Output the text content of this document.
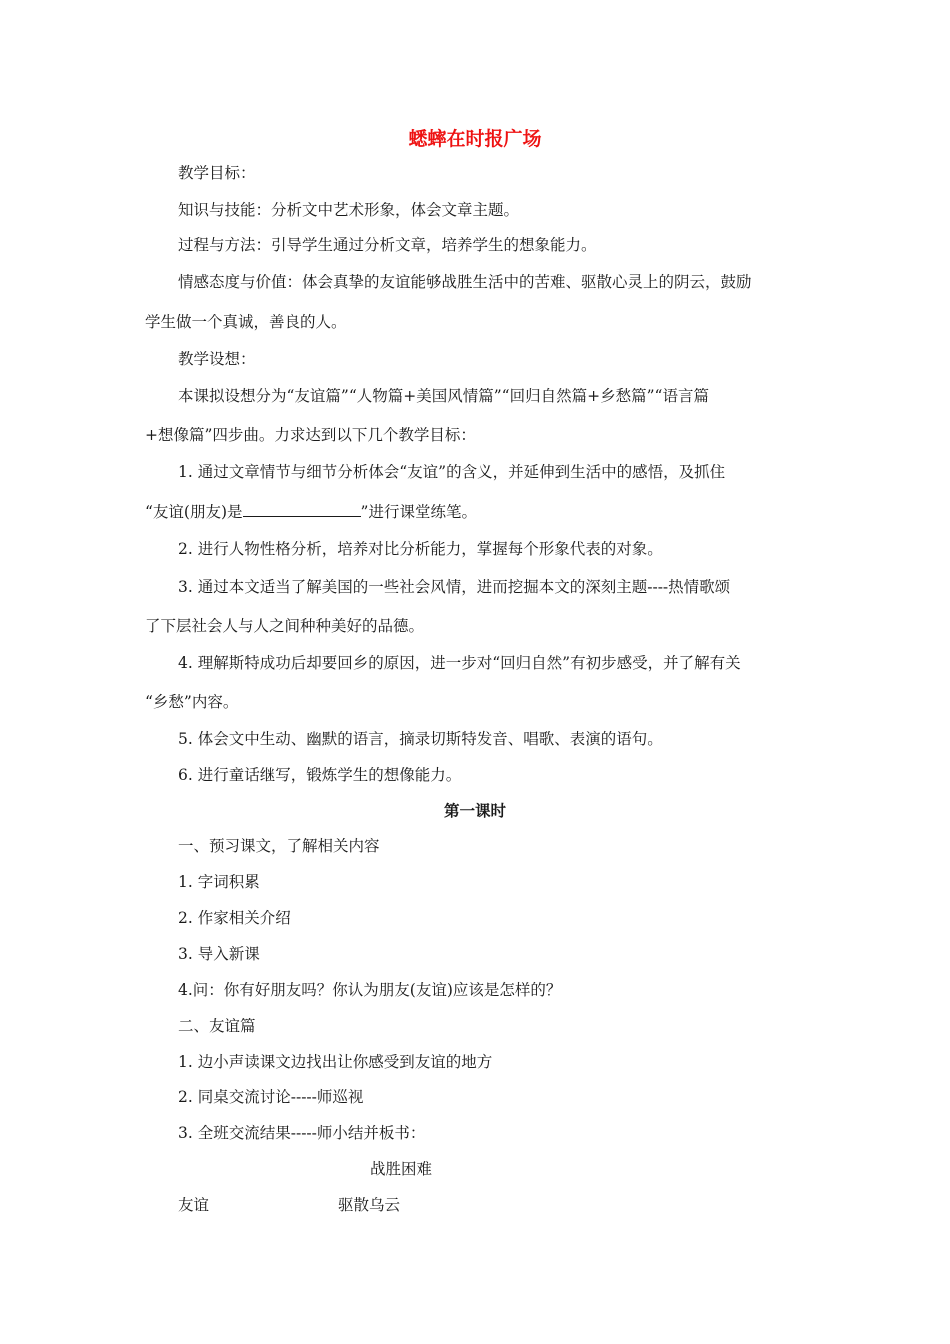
蟋蟀在时报广场
教学目标：
知识与技能：分析文中艺术形象，体会文章主题。
过程与方法：引导学生通过分析文章，培养学生的想象能力。
情感态度与价值：体会真挚的友谊能够战胜生活中的苦难、驱散心灵上的阴云，鼓励
学生做一个真诚，善良的人。
教学设想：
本课拟设想分为“友谊篇”“人物篇+美国风情篇”“回归自然篇+乡愁篇”“语言篇
+想像篇”四步曲。力求达到以下几个教学目标：
1. 通过文章情节与细节分析体会“友谊”的含义，并延伸到生活中的感悟，及抓住
“友谊(朋友)是	”进行课堂练笔。
2. 进行人物性格分析，培养对比分析能力，掌握每个形象代表的对象。
3. 通过本文适当了解美国的一些社会风情，进而挖掘本文的深刻主题----热情歌颂
了下层社会人与人之间种种美好的品德。
4. 理解斯特成功后却要回乡的原因，进一步对“回归自然”有初步感受，并了解有关
“乡愁”内容。
5. 体会文中生动、幽默的语言，摘录切斯特发音、唱歌、表演的语句。
6. 进行童话继写，锻炼学生的想像能力。
第一课时
一、预习课文，了解相关内容
1. 字词积累
2. 作家相关介绍
3. 导入新课
4.问：你有好朋友吗？你认为朋友(友谊)应该是怎样的？
二、友谊篇
1. 边小声读课文边找出让你感受到友谊的地方
2. 同桌交流讨论-----师巡视
3. 全班交流结果-----师小结并板书：
战胜困难
友谊	驱散乌云
